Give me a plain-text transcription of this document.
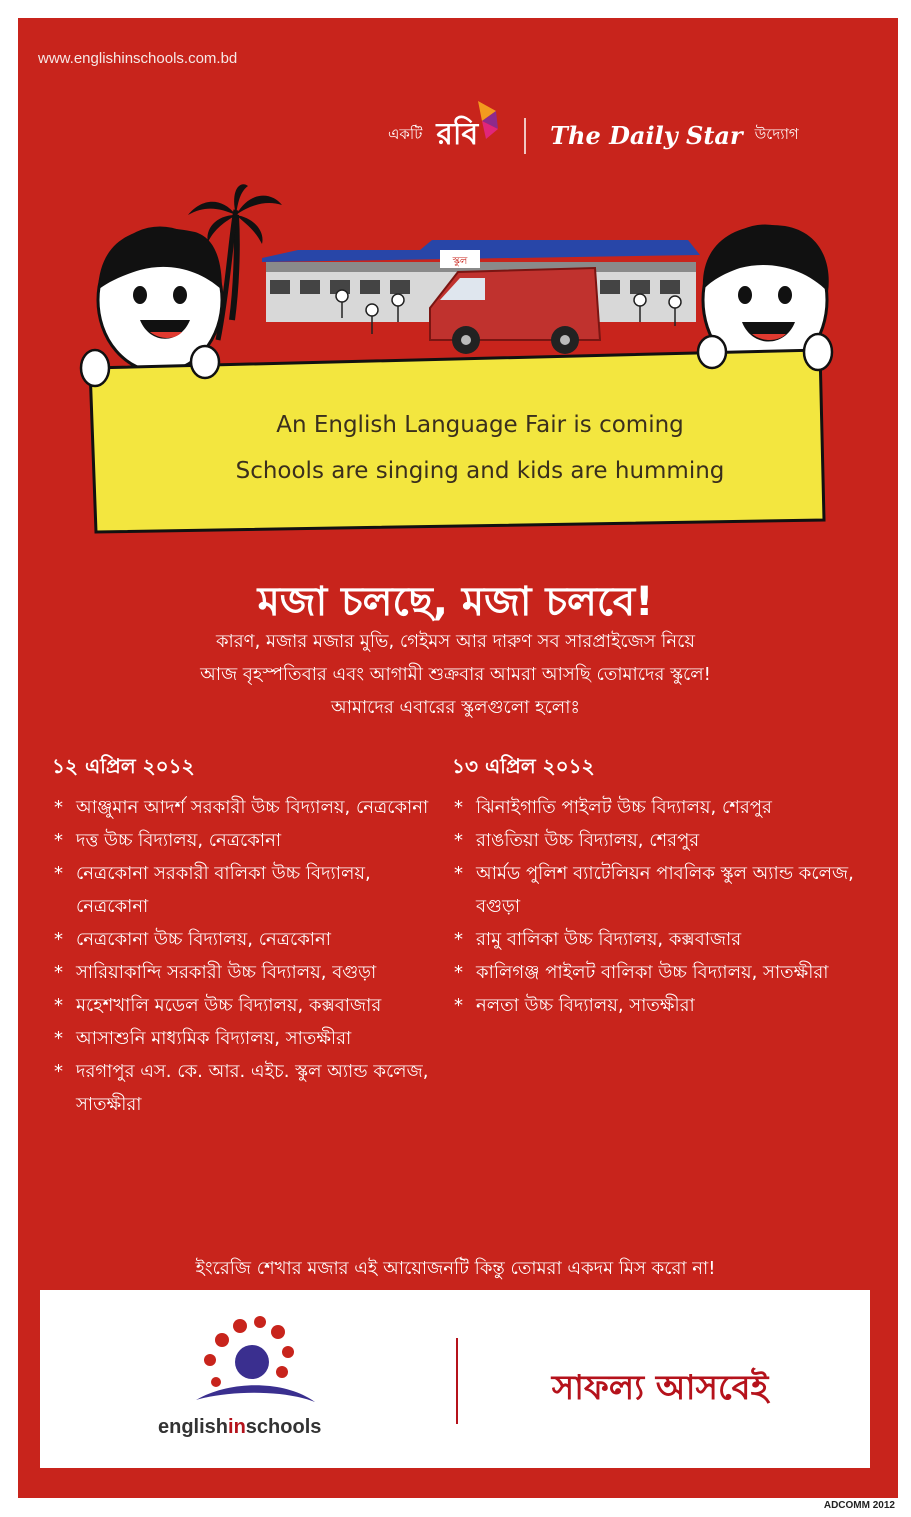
www.englishinschools.com.bd
একটি রবি	The Daily Star উদ্যোগ
স্কুল
An English Language Fair is coming
Schools are singing and kids are humming
মজা চলছে, মজা চলবে!
কারণ, মজার মজার মুভি, গেইমস আর দারুণ সব সারপ্রাইজেস নিয়ে
আজ বৃহস্পতিবার এবং আগামী শুক্রবার আমরা আসছি তোমাদের স্কুলে!
আমাদের এবারের স্কুলগুলো হলোঃ
১২ এপ্রিল ২০১২
* আঞ্জুমান আদর্শ সরকারী উচ্চ বিদ্যালয়, নেত্রকোনা
* দত্ত উচ্চ বিদ্যালয়, নেত্রকোনা
* নেত্রকোনা সরকারী বালিকা উচ্চ বিদ্যালয়, নেত্রকোনা
* নেত্রকোনা উচ্চ বিদ্যালয়, নেত্রকোনা
* সারিয়াকান্দি সরকারী উচ্চ বিদ্যালয়, বগুড়া
* মহেশখালি মডেল উচ্চ বিদ্যালয়, কক্সবাজার
* আসাশুনি মাধ্যমিক বিদ্যালয়, সাতক্ষীরা
* দরগাপুর এস. কে. আর. এইচ. স্কুল অ্যান্ড কলেজ, সাতক্ষীরা
১৩ এপ্রিল ২০১২
* ঝিনাইগাতি পাইলট উচ্চ বিদ্যালয়, শেরপুর
* রাঙতিয়া উচ্চ বিদ্যালয়, শেরপুর
* আর্মড পুলিশ ব্যাটেলিয়ন পাবলিক স্কুল অ্যান্ড কলেজ, বগুড়া
* রামু বালিকা উচ্চ বিদ্যালয়, কক্সবাজার
* কালিগঞ্জ পাইলট বালিকা উচ্চ বিদ্যালয়, সাতক্ষীরা
* নলতা উচ্চ বিদ্যালয়, সাতক্ষীরা
ইংরেজি শেখার মজার এই আয়োজনটি কিন্তু তোমরা একদম মিস করো না!
englishinschools
সাফল্য আসবেই
ADCOMM 2012
